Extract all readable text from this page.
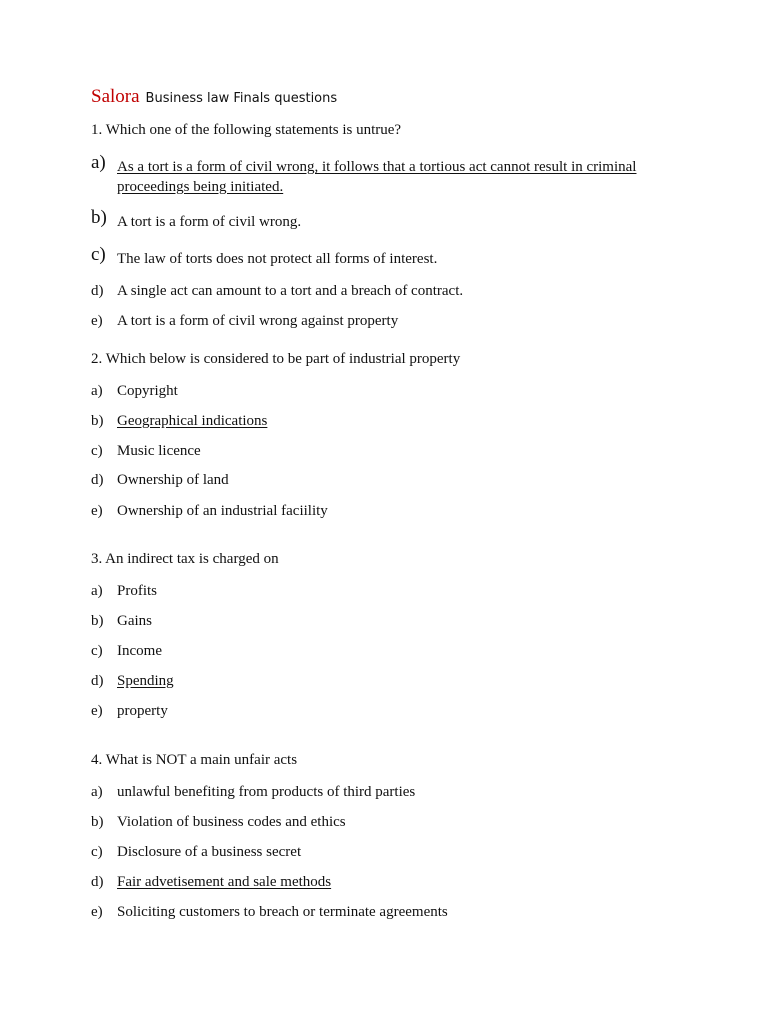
Salora Business law Finals questions
1. Which one of the following statements is untrue?
a) As a tort is a form of civil wrong, it follows that a tortious act cannot result in criminal proceedings being initiated.
b) A tort is a form of civil wrong.
c) The law of torts does not protect all forms of interest.
d) A single act can amount to a tort and a breach of contract.
e) A tort is a form of civil wrong against property
2. Which below is considered to be part of industrial property
a) Copyright
b) Geographical indications
c) Music licence
d) Ownership of land
e) Ownership of an industrial faciility
3. An indirect tax is charged on
a) Profits
b) Gains
c) Income
d) Spending
e) property
4. What is NOT a main unfair acts
a) unlawful benefiting from products of third parties
b) Violation of business codes and ethics
c) Disclosure of a business secret
d) Fair advetisement and sale methods
e) Soliciting customers to breach or terminate agreements
